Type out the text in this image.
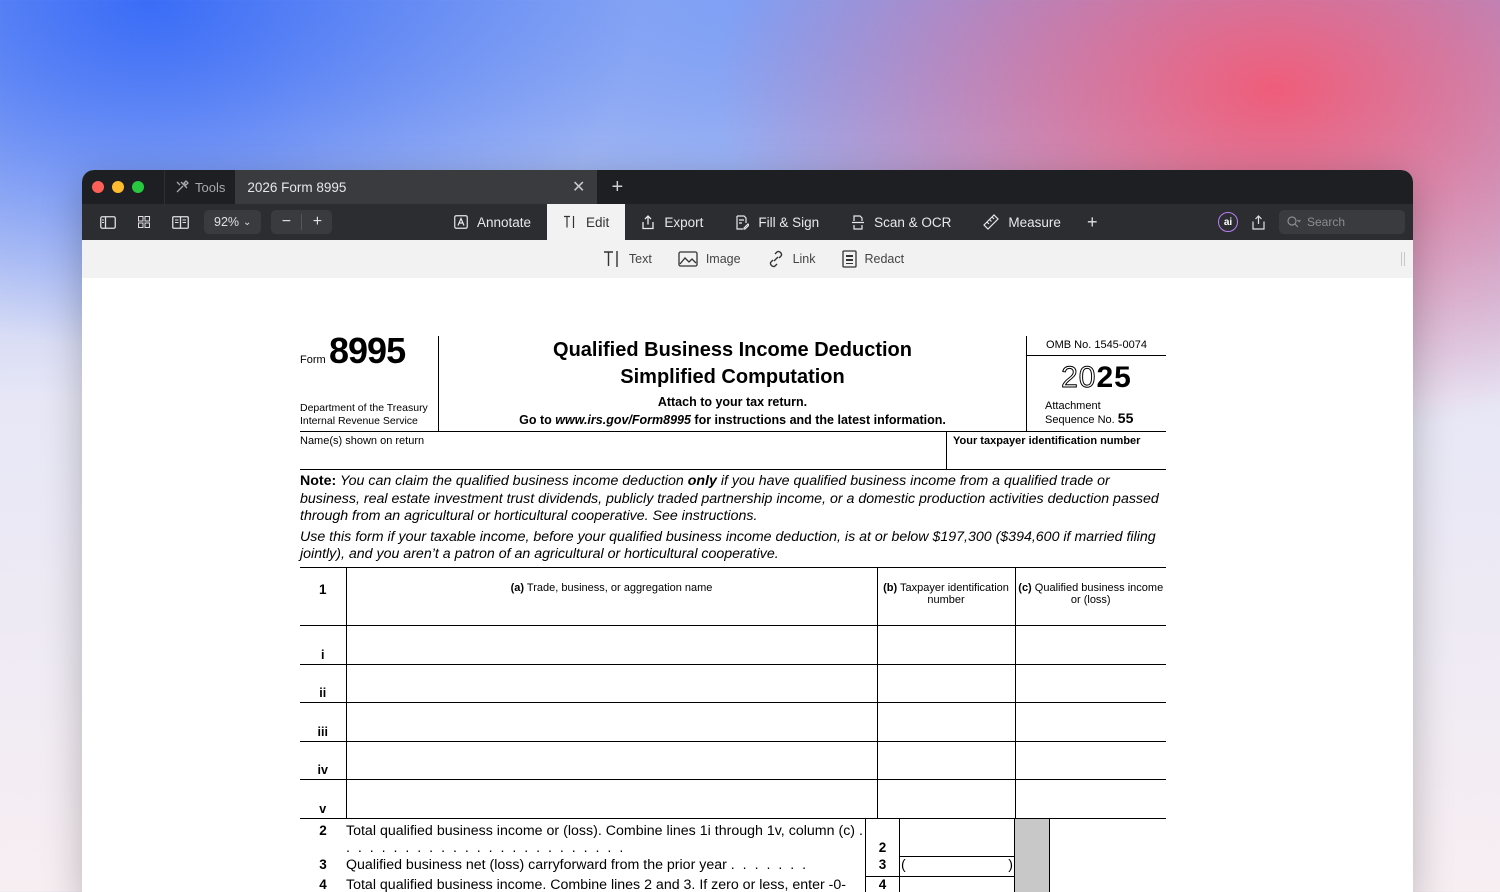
Tools 2026 Form 8995	✕	+
92% ⌄	−	+	Annotate	Edit	Export	Fill & Sign	Scan & OCR	Measure	+	ai	Search
Text	Image	Link	Redact
Form 8995
Department of the Treasury
Internal Revenue Service
Qualified Business Income Deduction
Simplified Computation
Attach to your tax return.
Go to www.irs.gov/Form8995 for instructions and the latest information.
OMB No. 1545-0074
2025
Attachment
Sequence No. 55
Name(s) shown on return	Your taxpayer identification number
Note: You can claim the qualified business income deduction only if you have qualified business income from a qualified trade or business, real estate investment trust dividends, publicly traded partnership income, or a domestic production activities deduction passed through from an agricultural or horticultural cooperative. See instructions.
Use this form if your taxable income, before your qualified business income deduction, is at or below $197,300 ($394,600 if married filing jointly), and you aren’t a patron of an agricultural or horticultural cooperative.
1	(a) Trade, business, or aggregation name	(b) Taxpayer identification number	(c) Qualified business income or (loss)
i			
ii			
iii			
iv			
v			
2	Total qualified business income or (loss). Combine lines 1i through 1v, column (c) . . . . . . . . . . . . . . . . . . . . . . . . .	2
3	Qualified business net (loss) carryforward from the prior year . . . . . . .	3	(	)
4	Total qualified business income. Combine lines 2 and 3. If zero or less, enter -0-	4
